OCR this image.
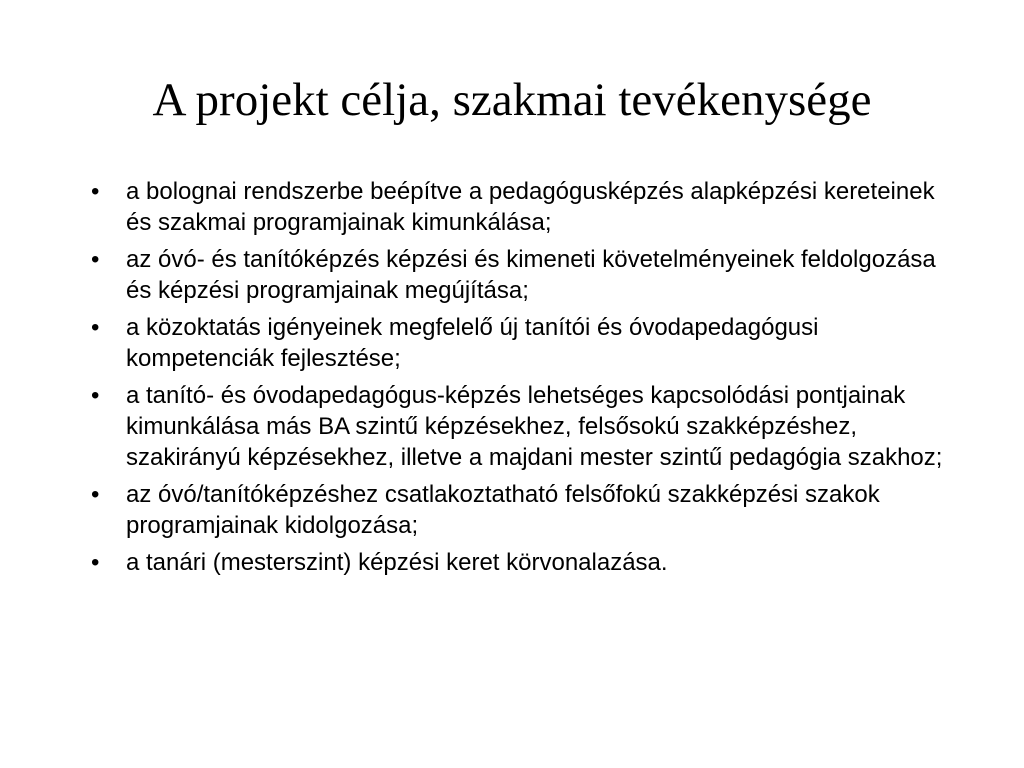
A projekt célja, szakmai tevékenysége
•	a bolognai rendszerbe beépítve a pedagógusképzés alapképzési kereteinek és szakmai programjainak kimunkálása;
•	az óvó- és tanítóképzés képzési és kimeneti követelményeinek feldolgozása és képzési programjainak megújítása;
•	a közoktatás igényeinek megfelelő új tanítói és óvodapedagógusi kompetenciák fejlesztése;
•	a tanító- és óvodapedagógus-képzés lehetséges kapcsolódási pontjainak kimunkálása más BA szintű képzésekhez, felsősokú szakképzéshez, szakirányú képzésekhez, illetve a majdani mester szintű pedagógia szakhoz;
•	az óvó/tanítóképzéshez csatlakoztatható felsőfokú szakképzési szakok programjainak kidolgozása;
•	a tanári (mesterszint) képzési keret körvonalazása.
